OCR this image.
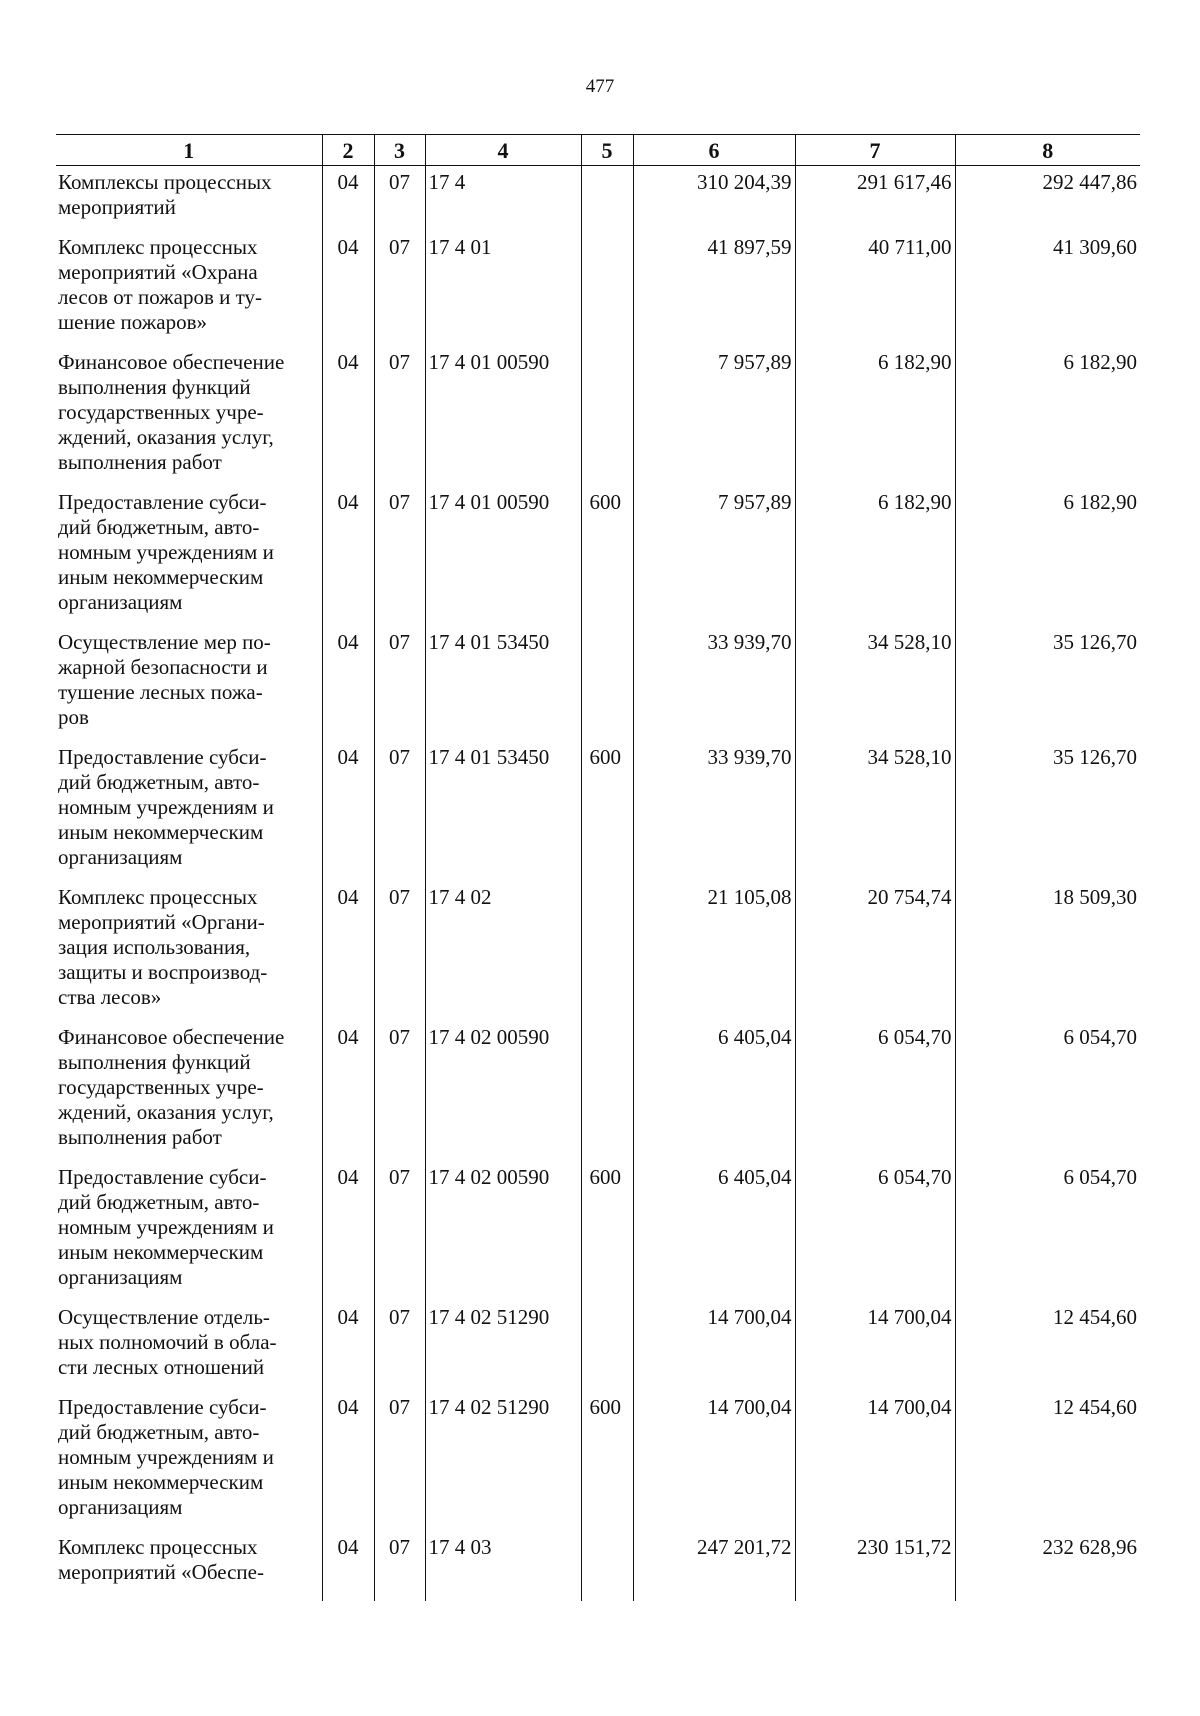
477
1	2	3	4	5	6	7	8
Комплексы процессных
мероприятий	04	07	17 4		310 204,39	291 617,46	292 447,86
Комплекс процессных
мероприятий «Охрана
лесов от пожаров и ту-
шение пожаров»	04	07	17 4 01		41 897,59	40 711,00	41 309,60
Финансовое обеспечение
выполнения функций
государственных учре-
ждений, оказания услуг,
выполнения работ	04	07	17 4 01 00590		7 957,89	6 182,90	6 182,90
Предоставление субси-
дий бюджетным, авто-
номным учреждениям и
иным некоммерческим
организациям	04	07	17 4 01 00590	600	7 957,89	6 182,90	6 182,90
Осуществление мер по-
жарной безопасности и
тушение лесных пожа-
ров	04	07	17 4 01 53450		33 939,70	34 528,10	35 126,70
Предоставление субси-
дий бюджетным, авто-
номным учреждениям и
иным некоммерческим
организациям	04	07	17 4 01 53450	600	33 939,70	34 528,10	35 126,70
Комплекс процессных
мероприятий «Органи-
зация использования,
защиты и воспроизвод-
ства лесов»	04	07	17 4 02		21 105,08	20 754,74	18 509,30
Финансовое обеспечение
выполнения функций
государственных учре-
ждений, оказания услуг,
выполнения работ	04	07	17 4 02 00590		6 405,04	6 054,70	6 054,70
Предоставление субси-
дий бюджетным, авто-
номным учреждениям и
иным некоммерческим
организациям	04	07	17 4 02 00590	600	6 405,04	6 054,70	6 054,70
Осуществление отдель-
ных полномочий в обла-
сти лесных отношений	04	07	17 4 02 51290		14 700,04	14 700,04	12 454,60
Предоставление субси-
дий бюджетным, авто-
номным учреждениям и
иным некоммерческим
организациям	04	07	17 4 02 51290	600	14 700,04	14 700,04	12 454,60
Комплекс процессных
мероприятий «Обеспе-	04	07	17 4 03		247 201,72	230 151,72	232 628,96
